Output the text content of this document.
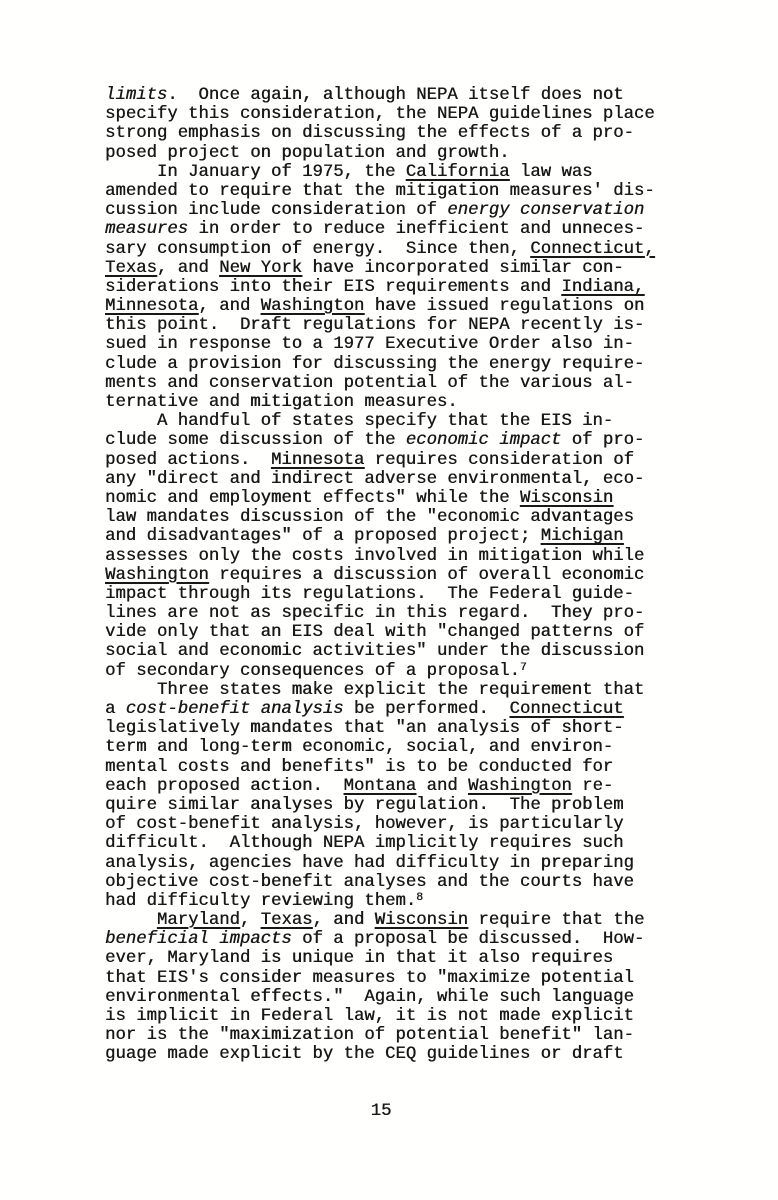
limits.  Once again, although NEPA itself does not
specify this consideration, the NEPA guidelines place
strong emphasis on discussing the effects of a pro-
posed project on population and growth.
In January of 1975, the California law was
amended to require that the mitigation measures' dis-
cussion include consideration of energy conservation
measures in order to reduce inefficient and unneces-
sary consumption of energy.  Since then, Connecticut,
Texas, and New York have incorporated similar con-
siderations into their EIS requirements and Indiana,
Minnesota, and Washington have issued regulations on
this point.  Draft regulations for NEPA recently is-
sued in response to a 1977 Executive Order also in-
clude a provision for discussing the energy require-
ments and conservation potential of the various al-
ternative and mitigation measures.
A handful of states specify that the EIS in-
clude some discussion of the economic impact of pro-
posed actions.  Minnesota requires consideration of
any "direct and indirect adverse environmental, eco-
nomic and employment effects" while the Wisconsin
law mandates discussion of the "economic advantages
and disadvantages" of a proposed project; Michigan
assesses only the costs involved in mitigation while
Washington requires a discussion of overall economic
impact through its regulations.  The Federal guide-
lines are not as specific in this regard.  They pro-
vide only that an EIS deal with "changed patterns of
social and economic activities" under the discussion
of secondary consequences of a proposal.$^7$
Three states make explicit the requirement that
a cost-benefit analysis be performed.  Connecticut
legislatively mandates that "an analysis of short-
term and long-term economic, social, and environ-
mental costs and benefits" is to be conducted for
each proposed action.  Montana and Washington re-
quire similar analyses by regulation.  The problem
of cost-benefit analysis, however, is particularly
difficult.  Although NEPA implicitly requires such
analysis, agencies have had difficulty in preparing
objective cost-benefit analyses and the courts have
had difficulty reviewing them.$^8$
Maryland, Texas, and Wisconsin require that the
beneficial impacts of a proposal be discussed.  How-
ever, Maryland is unique in that it also requires
that EIS's consider measures to "maximize potential
environmental effects."  Again, while such language
is implicit in Federal law, it is not made explicit
nor is the "maximization of potential benefit" lan-
guage made explicit by the CEQ guidelines or draft
15
